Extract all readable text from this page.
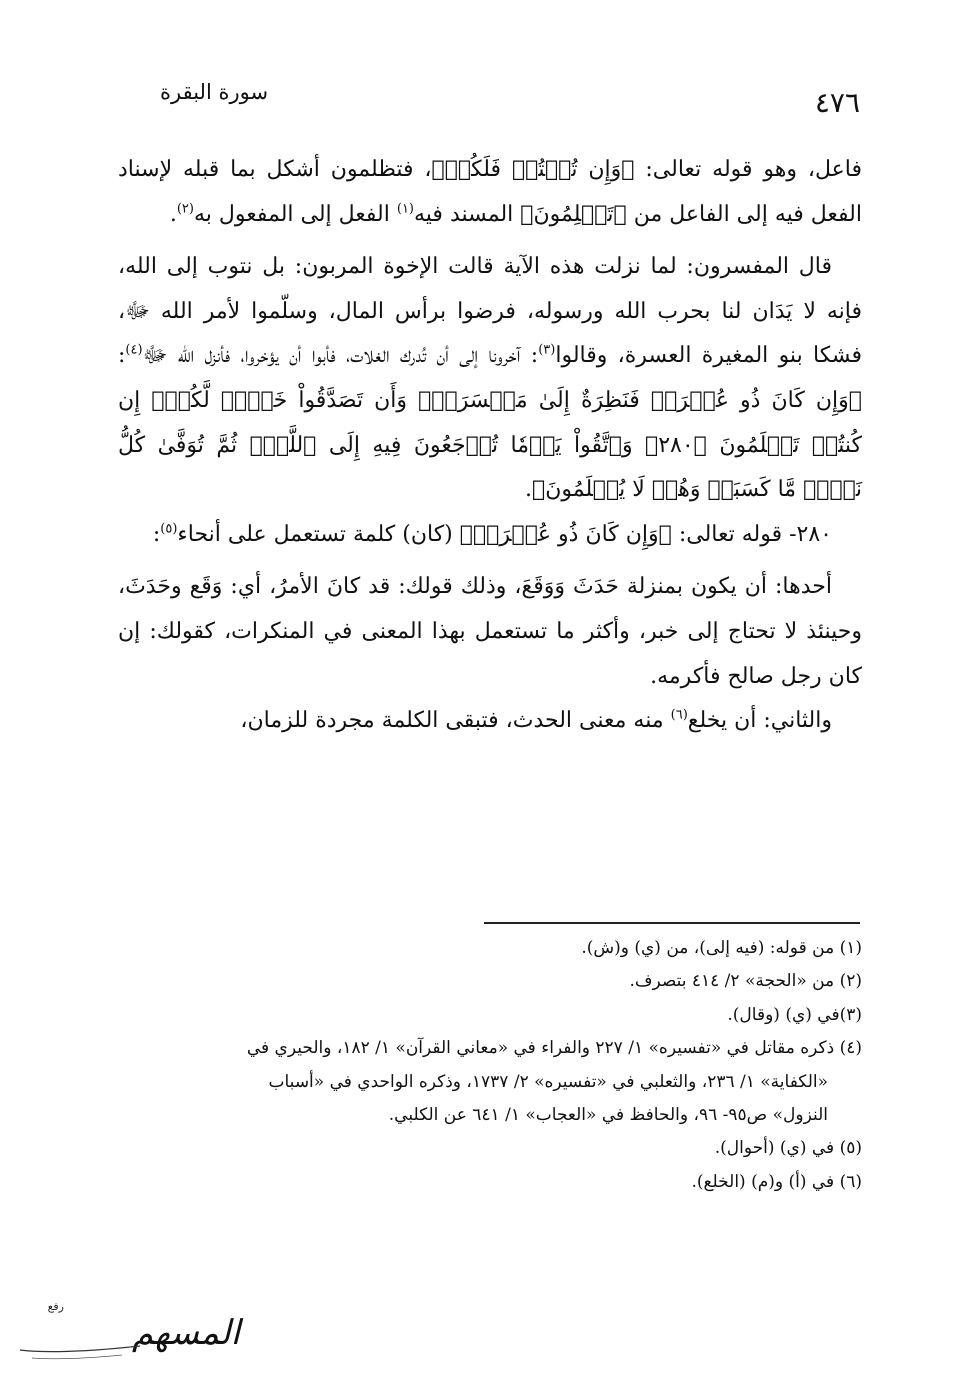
سورة البقرة	٤٧٦

فاعل، وهو قوله تعالى: ﴿وَإِن تُبۡتُمۡ فَلَكُمۡ﴾، فتظلمون أشكل بما قبله لإسناد الفعل فيه إلى الفاعل من ﴿تَظۡلِمُونَ﴾ المسند فيه$^{(١)}$ الفعل إلى المفعول به$^{(٢)}$.

قال المفسرون: لما نزلت هذه الآية قالت الإخوة المربون: بل نتوب إلى الله، فإنه لا يَدَان لنا بحرب الله ورسوله، فرضوا برأس المال، وسلّموا لأمر الله ﷻ، فشكا بنو المغيرة العسرة، وقالوا$^{(٣)}$: آخرونا إلى أن تُدرك الغلات، فأبوا أن يؤخروا، فأنزل الله ﷻ$^{(٤)}$: ﴿وَإِن كَانَ ذُو عُسۡرَةٖ فَنَظِرَةٌ إِلَىٰ مَيۡسَرَةٖۚ وَأَن تَصَدَّقُواْ خَيۡرٞ لَّكُمۡۖ إِن كُنتُمۡ تَعۡلَمُونَ ﴿٢٨٠﴾ وَٱتَّقُواْ يَوۡمٗا تُرۡجَعُونَ فِيهِ إِلَى ٱللَّهِۖ ثُمَّ تُوَفَّىٰ كُلُّ نَفۡسٖ مَّا كَسَبَتۡ وَهُمۡ لَا يُظۡلَمُونَ﴾.

٢٨٠- قوله تعالى: ﴿وَإِن كَانَ ذُو عُسۡرَةٖ﴾ (كان) كلمة تستعمل على أنحاء$^{(٥)}$:

أحدها: أن يكون بمنزلة حَدَثَ وَوَقَعَ، وذلك قولك: قد كانَ الأمرُ، أي: وَقَع وحَدَثَ، وحينئذ لا تحتاج إلى خبر، وأكثر ما تستعمل بهذا المعنى في المنكرات، كقولك: إن كان رجل صالح فأكرمه.

والثاني: أن يخلع$^{(٦)}$ منه معنى الحدث، فتبقى الكلمة مجردة للزمان،

(١) من قوله: (فيه إلى)، من (ي) و(ش).

(٢) من «الحجة» ٢/ ٤١٤ بتصرف.

(٣)في (ي) (وقال).

(٤) ذكره مقاتل في «تفسيره» ١/ ٢٢٧ والفراء في «معاني القرآن» ١/ ١٨٢، والحيري في

«الكفاية» ١/ ٢٣٦، والثعلبي في «تفسيره» ٢/ ١٧٣٧، وذكره الواحدي في «أسباب

النزول» ص٩٥- ٩٦، والحافظ في «العجاب» ١/ ٦٤١ عن الكلبي.

(٥) في (ي) (أحوال).

(٦) في (أ) و(م) (الخلع).

رفع
المسهم
